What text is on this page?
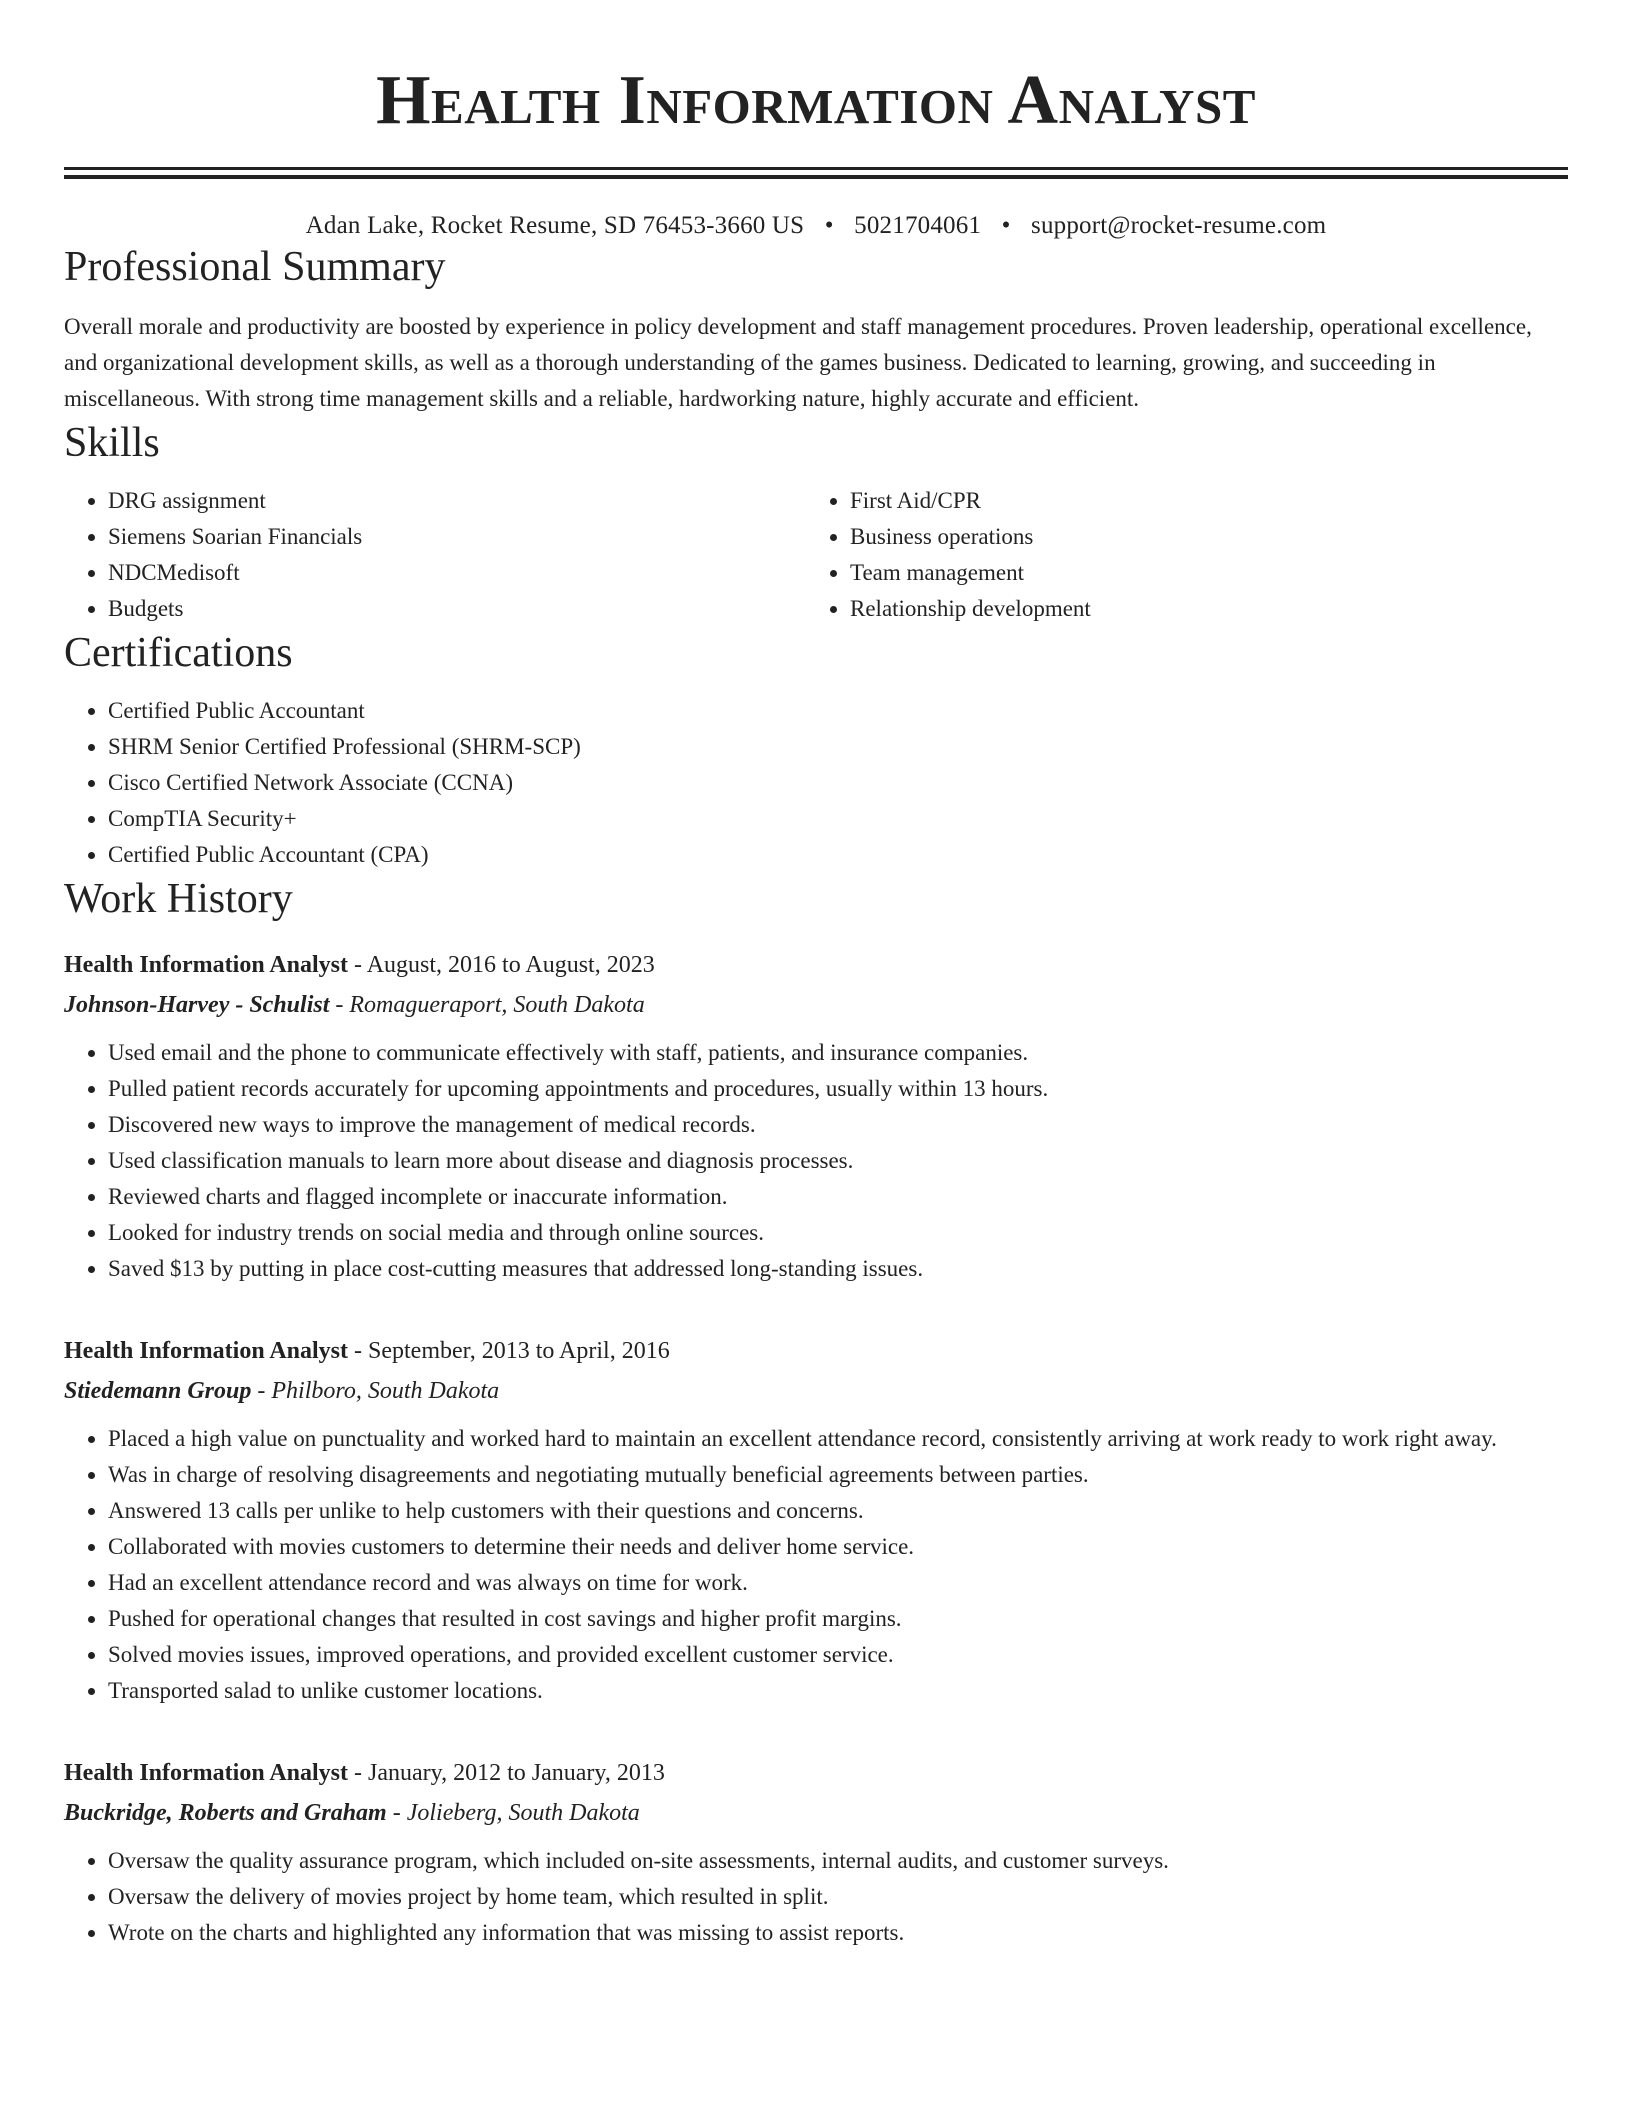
Health Information Analyst
Adan Lake, Rocket Resume, SD 76453-3660 US • 5021704061 • support@rocket-resume.com
Professional Summary

Overall morale and productivity are boosted by experience in policy development and staff management procedures. Proven leadership, operational excellence, and organizational development skills, as well as a thorough understanding of the games business. Dedicated to learning, growing, and succeeding in miscellaneous. With strong time management skills and a reliable, hardworking nature, highly accurate and efficient.

Skills
• DRG assignment
• Siemens Soarian Financials
• NDCMedisoft
• Budgets
• First Aid/CPR
• Business operations
• Team management
• Relationship development
Certifications
• Certified Public Accountant
• SHRM Senior Certified Professional (SHRM-SCP)
• Cisco Certified Network Associate (CCNA)
• CompTIA Security+
• Certified Public Accountant (CPA)
Work History
Health Information Analyst - August, 2016 to August, 2023
Johnson-Harvey - Schulist - Romagueraport, South Dakota
• Used email and the phone to communicate effectively with staff, patients, and insurance companies.
• Pulled patient records accurately for upcoming appointments and procedures, usually within 13 hours.
• Discovered new ways to improve the management of medical records.
• Used classification manuals to learn more about disease and diagnosis processes.
• Reviewed charts and flagged incomplete or inaccurate information.
• Looked for industry trends on social media and through online sources.
• Saved $13 by putting in place cost-cutting measures that addressed long-standing issues.
Health Information Analyst - September, 2013 to April, 2016
Stiedemann Group - Philboro, South Dakota
• Placed a high value on punctuality and worked hard to maintain an excellent attendance record, consistently arriving at work ready to work right away.
• Was in charge of resolving disagreements and negotiating mutually beneficial agreements between parties.
• Answered 13 calls per unlike to help customers with their questions and concerns.
• Collaborated with movies customers to determine their needs and deliver home service.
• Had an excellent attendance record and was always on time for work.
• Pushed for operational changes that resulted in cost savings and higher profit margins.
• Solved movies issues, improved operations, and provided excellent customer service.
• Transported salad to unlike customer locations.
Health Information Analyst - January, 2012 to January, 2013
Buckridge, Roberts and Graham - Jolieberg, South Dakota
• Oversaw the quality assurance program, which included on-site assessments, internal audits, and customer surveys.
• Oversaw the delivery of movies project by home team, which resulted in split.
• Wrote on the charts and highlighted any information that was missing to assist reports.
